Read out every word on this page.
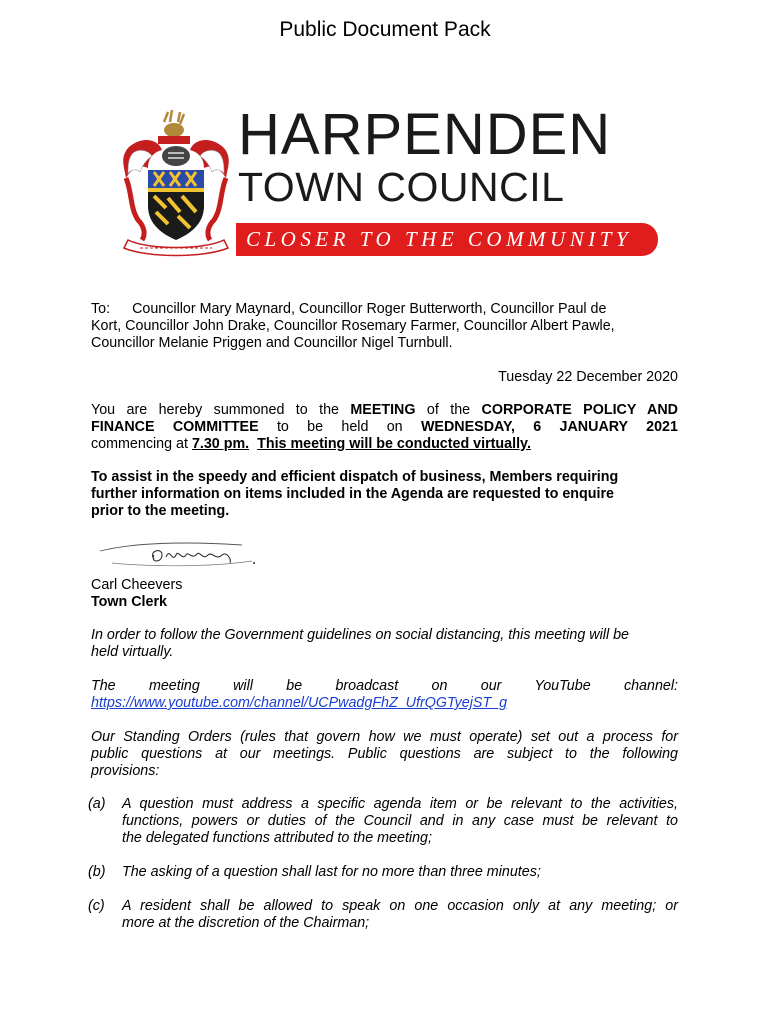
Public Document Pack
HARPENDEN
TOWN COUNCIL
CLOSER TO THE COMMUNITY
To: Councillor Mary Maynard, Councillor Roger Butterworth, Councillor Paul de
Kort, Councillor John Drake, Councillor Rosemary Farmer, Councillor Albert Pawle,
Councillor Melanie Priggen and Councillor Nigel Turnbull.
Tuesday 22 December 2020
You are hereby summoned to the MEETING of the CORPORATE POLICY AND
FINANCE COMMITTEE to be held on WEDNESDAY, 6 JANUARY 2021
commencing at 7.30 pm. This meeting will be conducted virtually.
To assist in the speedy and efficient dispatch of business, Members requiring
further information on items included in the Agenda are requested to enquire
prior to the meeting.
Carl Cheevers
Town Clerk
In order to follow the Government guidelines on social distancing, this meeting will be
held virtually.
The meeting will be broadcast on our YouTube channel:
https://www.youtube.com/channel/UCPwadgFhZ_UfrQGTyejST_g
Our Standing Orders (rules that govern how we must operate) set out a process for
public questions at our meetings. Public questions are subject to the following
provisions:
(a)	A question must address a specific agenda item or be relevant to the activities,
functions, powers or duties of the Council and in any case must be relevant to
the delegated functions attributed to the meeting;
(b)	The asking of a question shall last for no more than three minutes;
(c)	A resident shall be allowed to speak on one occasion only at any meeting; or
more at the discretion of the Chairman;
